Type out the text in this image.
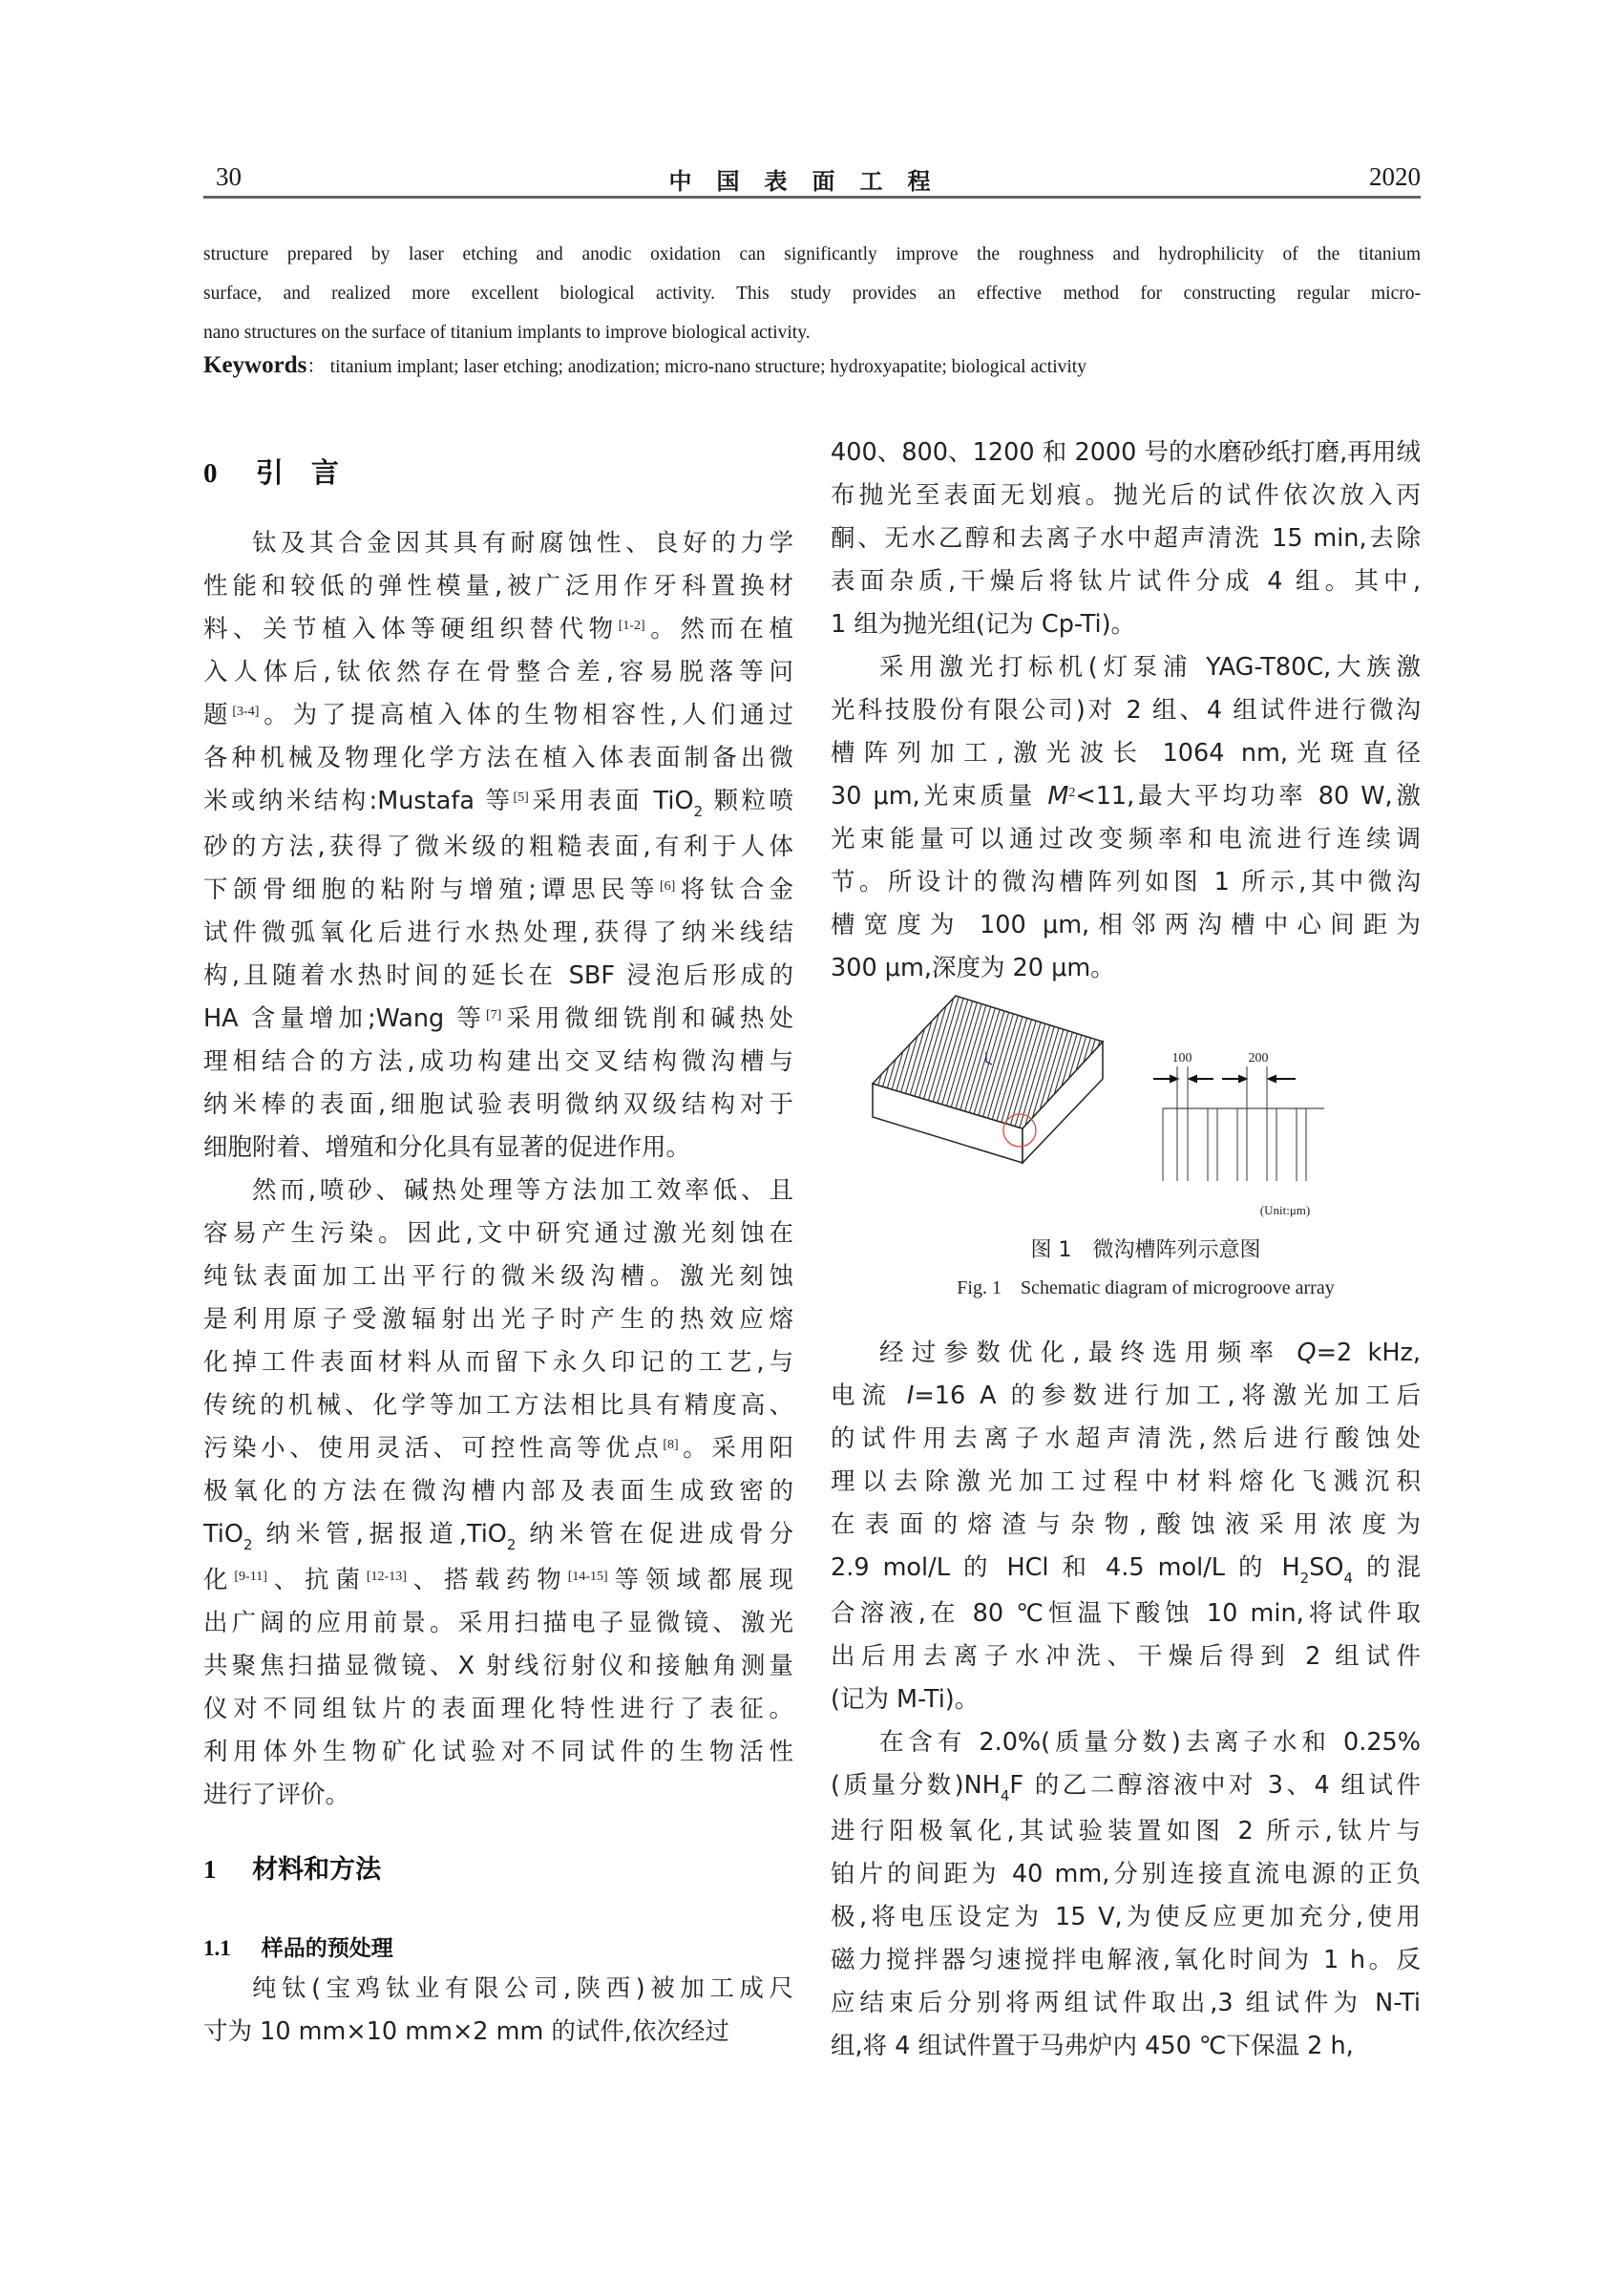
30	中国表面工程	2020
structure prepared by laser etching and anodic oxidation can significantly improve the roughness and hydrophilicity of the titanium
surface, and realized more excellent biological activity. This study provides an effective method for constructing regular micro-
nano structures on the surface of titanium implants to improve biological activity.
Keywords： titanium implant; laser etching; anodization; micro-nano structure; hydroxyapatite; biological activity
0 引　言

钛及其合金因其具有耐腐蚀性、良好的力学
性能和较低的弹性模量,被广泛用作牙科置换材
料、关节植入体等硬组织替代物[1-2]。然而在植
入人体后,钛依然存在骨整合差,容易脱落等问
题[3-4]。为了提高植入体的生物相容性,人们通过
各种机械及物理化学方法在植入体表面制备出微
米或纳米结构:Mustafa 等[5]采用表面 TiO$_2$ 颗粒喷
砂的方法,获得了微米级的粗糙表面,有利于人体
下颌骨细胞的粘附与增殖;谭思民等[6]将钛合金
试件微弧氧化后进行水热处理,获得了纳米线结
构,且随着水热时间的延长在 SBF 浸泡后形成的
HA 含量增加;Wang 等[7]采用微细铣削和碱热处
理相结合的方法,成功构建出交叉结构微沟槽与
纳米棒的表面,细胞试验表明微纳双级结构对于
细胞附着、增殖和分化具有显著的促进作用。

然而,喷砂、碱热处理等方法加工效率低、且
容易产生污染。因此,文中研究通过激光刻蚀在
纯钛表面加工出平行的微米级沟槽。激光刻蚀
是利用原子受激辐射出光子时产生的热效应熔
化掉工件表面材料从而留下永久印记的工艺,与
传统的机械、化学等加工方法相比具有精度高、
污染小、使用灵活、可控性高等优点[8]。采用阳
极氧化的方法在微沟槽内部及表面生成致密的
TiO$_2$ 纳米管,据报道,TiO$_2$ 纳米管在促进成骨分
化[9-11]、抗菌[12-13]、搭载药物[14-15]等领域都展现
出广阔的应用前景。采用扫描电子显微镜、激光
共聚焦扫描显微镜、X 射线衍射仪和接触角测量
仪对不同组钛片的表面理化特性进行了表征。
利用体外生物矿化试验对不同试件的生物活性
进行了评价。

1 材料和方法
1.1 样品的预处理

纯钛(宝鸡钛业有限公司,陕西)被加工成尺
寸为 10 mm×10 mm×2 mm 的试件,依次经过

400、800、1200 和 2000 号的水磨砂纸打磨,再用绒
布抛光至表面无划痕。抛光后的试件依次放入丙
酮、无水乙醇和去离子水中超声清洗 15 min,去除
表面杂质,干燥后将钛片试件分成 4 组。其中,
1 组为抛光组(记为 Cp-Ti)。

采用激光打标机(灯泵浦 YAG-T80C,大族激
光科技股份有限公司)对 2 组、4 组试件进行微沟
槽阵列加工,激光波长 1064 nm,光斑直径
30 μm,光束质量 $M^2<11$,最大平均功率 80 W,激
光束能量可以通过改变频率和电流进行连续调
节。所设计的微沟槽阵列如图 1 所示,其中微沟
槽宽度为 100 μm,相邻两沟槽中心间距为
300 μm,深度为 20 μm。

100	200
(Unit:μm)
图 1　微沟槽阵列示意图
Fig. 1　Schematic diagram of microgroove array

经过参数优化,最终选用频率 Q=2 kHz,
电流 I=16 A 的参数进行加工,将激光加工后
的试件用去离子水超声清洗,然后进行酸蚀处
理以去除激光加工过程中材料熔化飞溅沉积
在表面的熔渣与杂物,酸蚀液采用浓度为
2.9 mol/L 的 HCl 和 4.5 mol/L 的 $H_2SO_4$ 的混
合溶液,在 80 ℃恒温下酸蚀 10 min,将试件取
出后用去离子水冲洗、干燥后得到 2 组试件
(记为 M-Ti)。

在含有 2.0%(质量分数)去离子水和 0.25%
(质量分数)$NH_4F$ 的乙二醇溶液中对 3、4 组试件
进行阳极氧化,其试验装置如图 2 所示,钛片与
铂片的间距为 40 mm,分别连接直流电源的正负
极,将电压设定为 15 V,为使反应更加充分,使用
磁力搅拌器匀速搅拌电解液,氧化时间为 1 h。反
应结束后分别将两组试件取出,3 组试件为 N-Ti
组,将 4 组试件置于马弗炉内 450 ℃下保温 2 h,
